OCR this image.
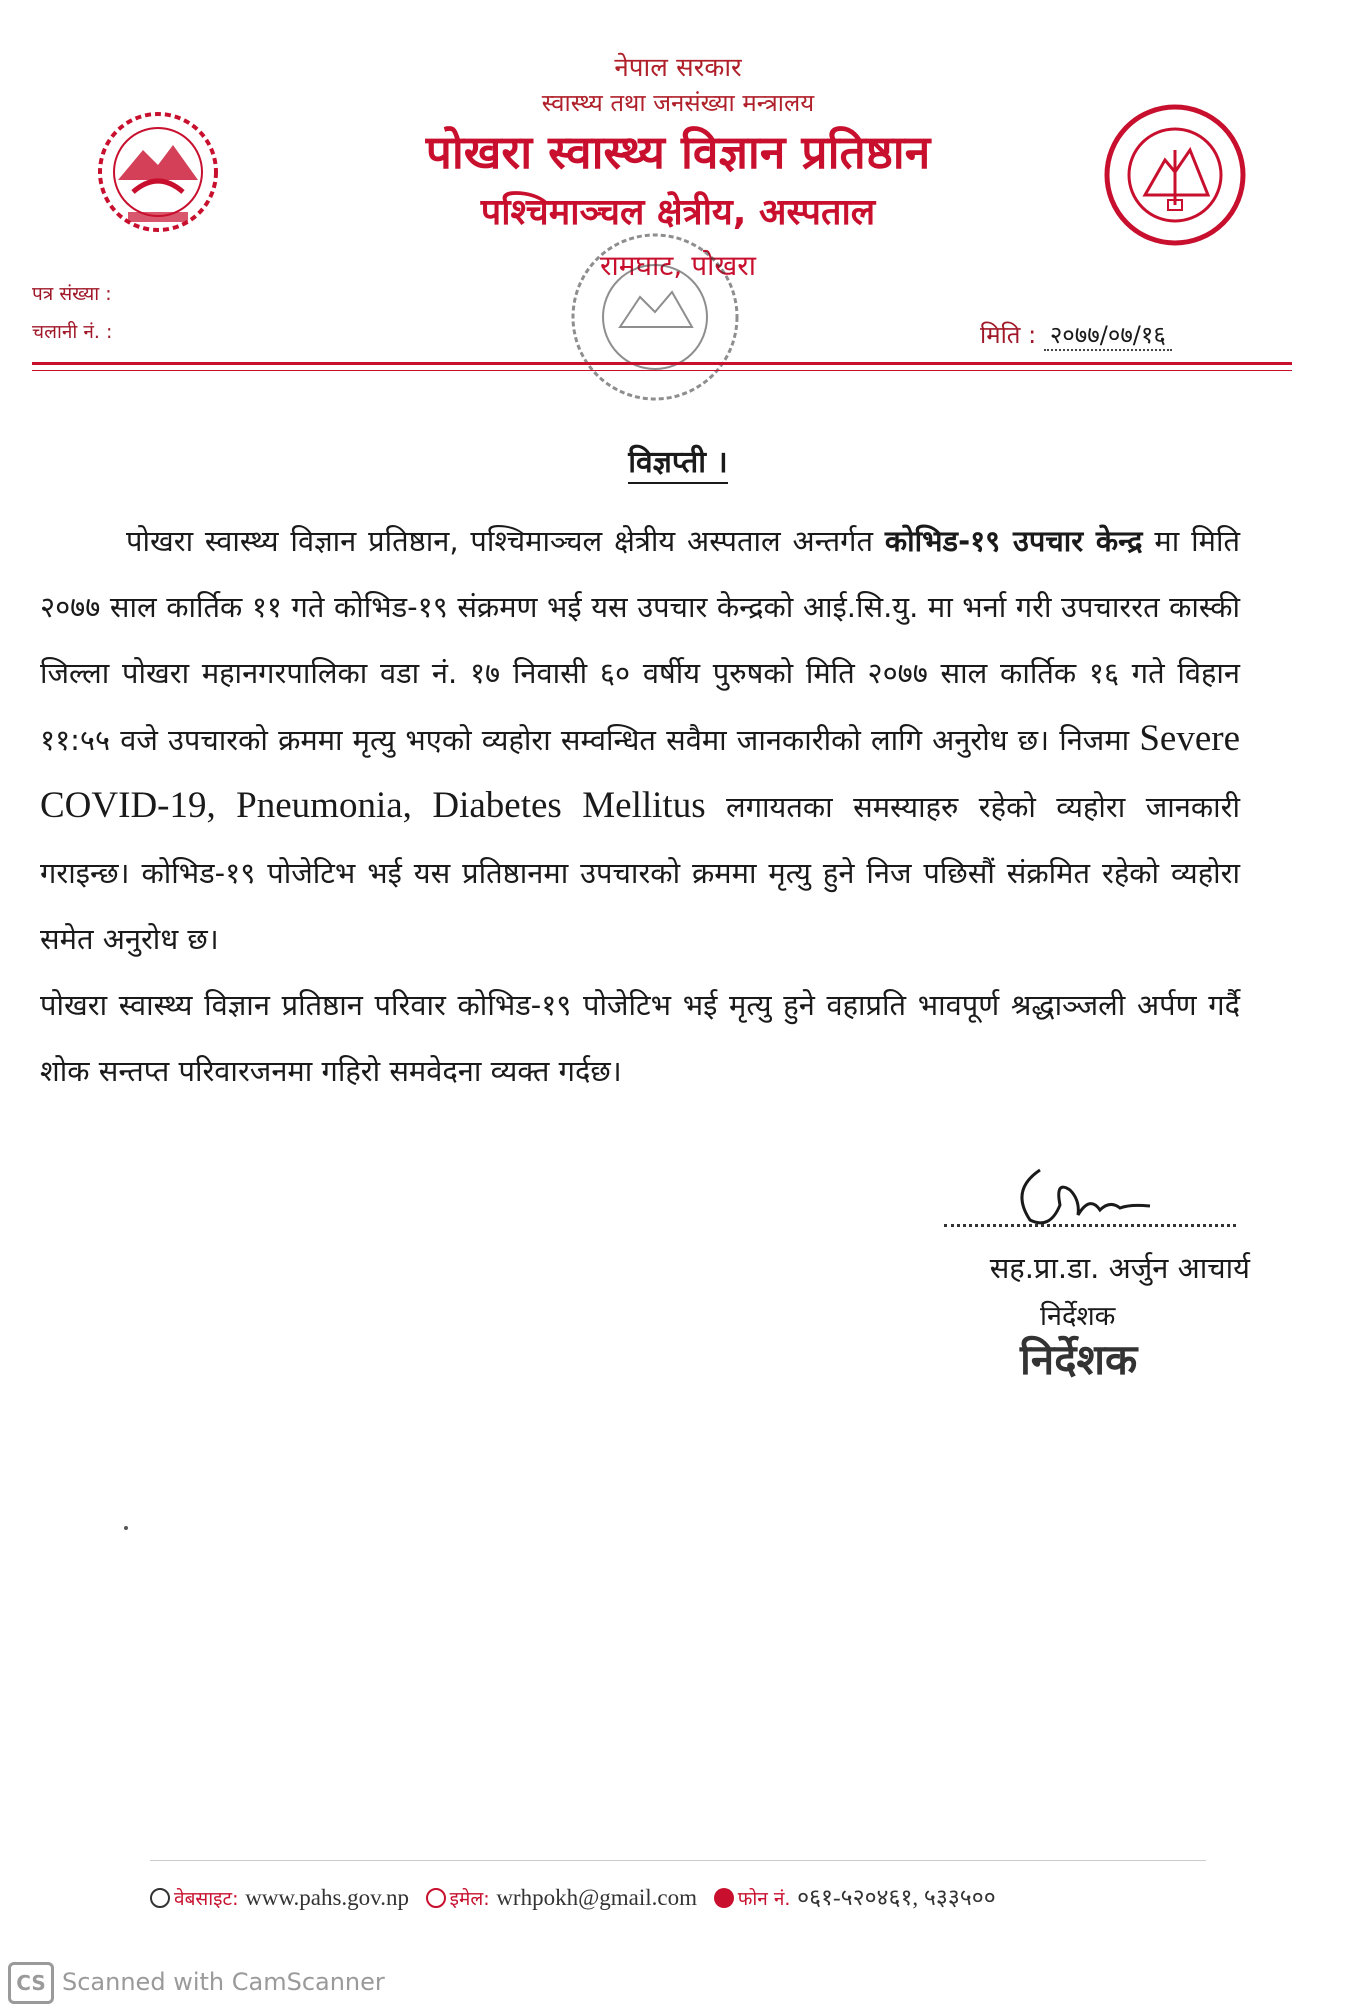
नेपाल सरकार
स्वास्थ्य तथा जनसंख्या मन्त्रालय
पोखरा स्वास्थ्य विज्ञान प्रतिष्ठान
पश्चिमाञ्चल क्षेत्रीय, अस्पताल
रामघाट, पोखरा
पत्र संख्या :
चलानी नं. :	मिति : २०७७/०७/१६
विज्ञप्ती ।

पोखरा स्वास्थ्य विज्ञान प्रतिष्ठान, पश्चिमाञ्चल क्षेत्रीय अस्पताल अन्तर्गत कोभिड-१९ उपचार केन्द्र मा मिति २०७७ साल कार्तिक ११ गते कोभिड-१९ संक्रमण भई यस उपचार केन्द्रको आई.सि.यु. मा भर्ना गरी उपचाररत कास्की जिल्ला पोखरा महानगरपालिका वडा नं. १७ निवासी ६० वर्षीय पुरुषको मिति २०७७ साल कार्तिक १६ गते विहान ११:५५ वजे उपचारको क्रममा मृत्यु भएको व्यहोरा सम्वन्धित सवैमा जानकारीको लागि अनुरोध छ। निजमा Severe COVID-19, Pneumonia, Diabetes Mellitus लगायतका समस्याहरु रहेको व्यहोरा जानकारी गराइन्छ। कोभिड-१९ पोजेटिभ भई यस प्रतिष्ठानमा उपचारको क्रममा मृत्यु हुने निज पछिसौं संक्रमित रहेको व्यहोरा समेत अनुरोध छ।

पोखरा स्वास्थ्य विज्ञान प्रतिष्ठान परिवार कोभिड-१९ पोजेटिभ भई मृत्यु हुने वहाप्रति भावपूर्ण श्रद्धाञ्जली अर्पण गर्दै शोक सन्तप्त परिवारजनमा गहिरो समवेदना व्यक्त गर्दछ।

सह.प्रा.डा. अर्जुन आचार्य
निर्देशक
निर्देशक
वेबसाइट: www.pahs.gov.np इमेल: wrhpokh@gmail.com फोन नं. ०६१-५२०४६१, ५३३५००
CS Scanned with CamScanner
